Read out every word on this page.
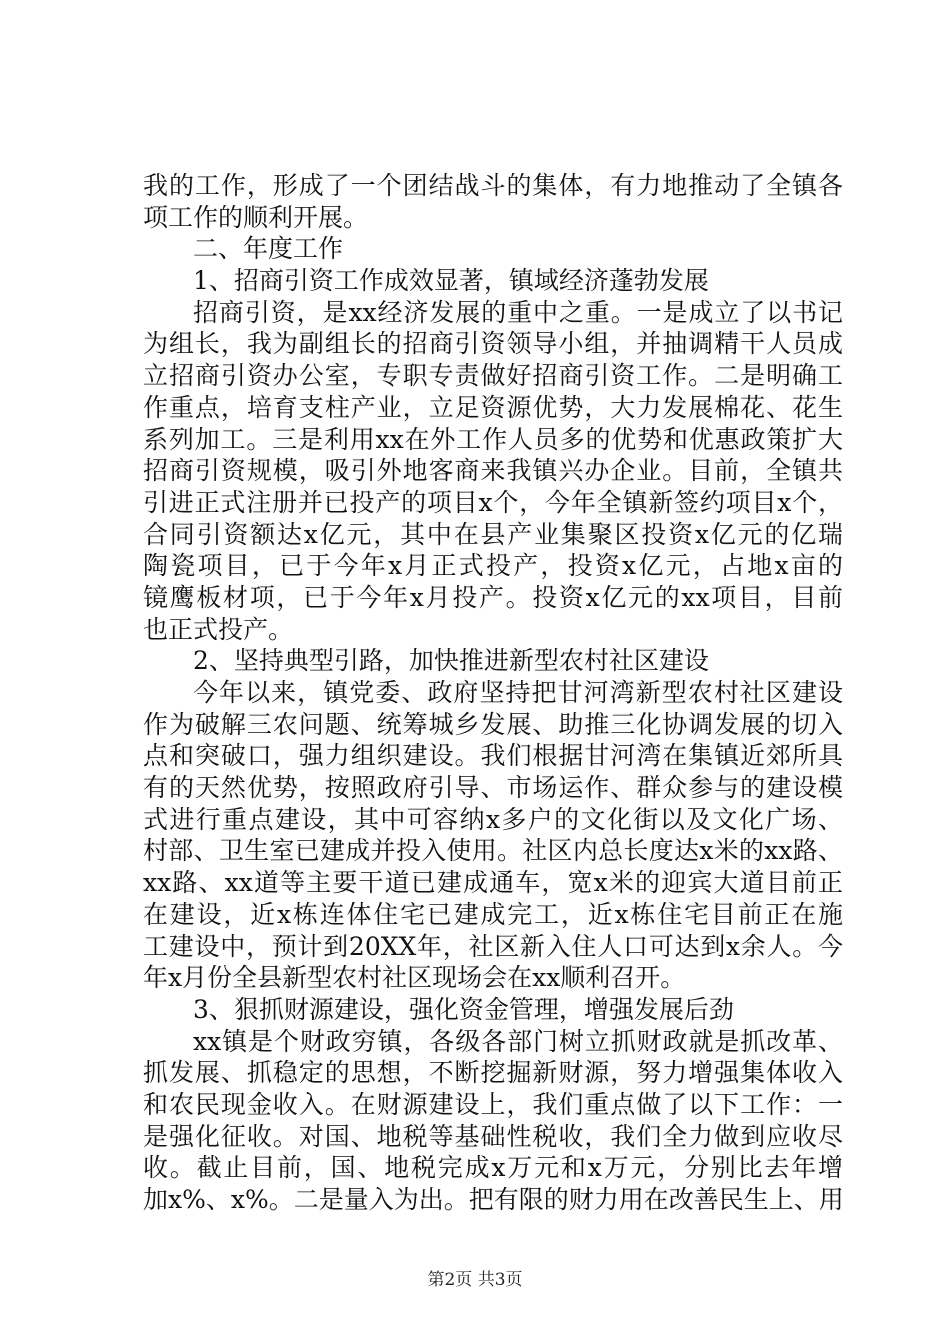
我的工作，形成了一个团结战斗的集体，有力地推动了全镇各
项工作的顺利开展。
二、年度工作
1、招商引资工作成效显著，镇域经济蓬勃发展
招商引资，是xx经济发展的重中之重。一是成立了以书记
为组长，我为副组长的招商引资领导小组，并抽调精干人员成
立招商引资办公室，专职专责做好招商引资工作。二是明确工
作重点，培育支柱产业，立足资源优势，大力发展棉花、花生
系列加工。三是利用xx在外工作人员多的优势和优惠政策扩大
招商引资规模，吸引外地客商来我镇兴办企业。目前，全镇共
引进正式注册并已投产的项目x个，今年全镇新签约项目x个，
合同引资额达x亿元，其中在县产业集聚区投资x亿元的亿瑞
陶瓷项目，已于今年x月正式投产，投资x亿元，占地x亩的
镜鹰板材项，已于今年x月投产。投资x亿元的xx项目，目前
也正式投产。
2、坚持典型引路，加快推进新型农村社区建设
今年以来，镇党委、政府坚持把甘河湾新型农村社区建设
作为破解三农问题、统筹城乡发展、助推三化协调发展的切入
点和突破口，强力组织建设。我们根据甘河湾在集镇近郊所具
有的天然优势，按照政府引导、市场运作、群众参与的建设模
式进行重点建设，其中可容纳x多户的文化街以及文化广场、
村部、卫生室已建成并投入使用。社区内总长度达x米的xx路、
xx路、xx道等主要干道已建成通车，宽x米的迎宾大道目前正
在建设，近x栋连体住宅已建成完工，近x栋住宅目前正在施
工建设中，预计到20XX年，社区新入住人口可达到x余人。今
年x月份全县新型农村社区现场会在xx顺利召开。
3、狠抓财源建设，强化资金管理，增强发展后劲
xx镇是个财政穷镇，各级各部门树立抓财政就是抓改革、
抓发展、抓稳定的思想，不断挖掘新财源，努力增强集体收入
和农民现金收入。在财源建设上，我们重点做了以下工作：一
是强化征收。对国、地税等基础性税收，我们全力做到应收尽
收。截止目前，国、地税完成x万元和x万元，分别比去年增
加x%、x%。二是量入为出。把有限的财力用在改善民生上、用
第2页 共3页
